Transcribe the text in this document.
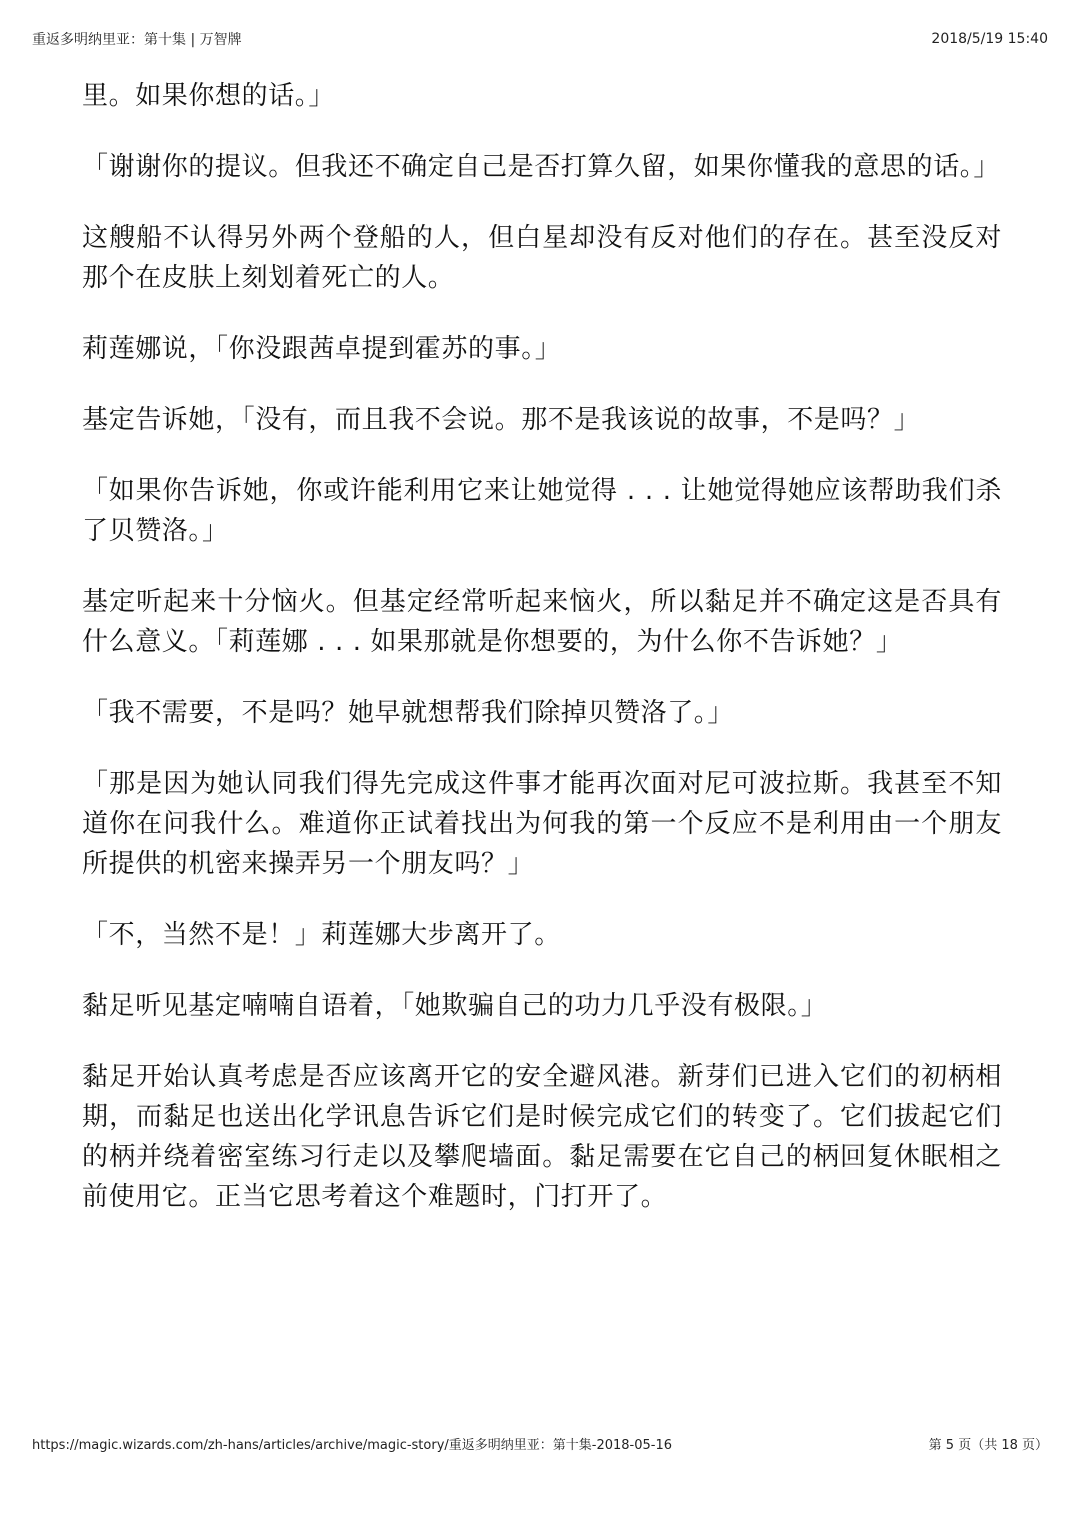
重返多明纳里亚：第十集 | 万智牌	2018/5/19 15:40

里。如果你想的话。」

「谢谢你的提议。但我还不确定自己是否打算久留，如果你懂我的意思的话。」

这艘船不认得另外两个登船的人，但白星却没有反对他们的存在。甚至没反对那个在皮肤上刻划着死亡的人。

莉莲娜说，「你没跟茜卓提到霍苏的事。」

基定告诉她，「没有，而且我不会说。那不是我该说的故事，不是吗？」

「如果你告诉她，你或许能利用它来让她觉得 . . . 让她觉得她应该帮助我们杀了贝赞洛。」

基定听起来十分恼火。但基定经常听起来恼火，所以黏足并不确定这是否具有什么意义。「莉莲娜 . . . 如果那就是你想要的，为什么你不告诉她？」

「我不需要，不是吗？她早就想帮我们除掉贝赞洛了。」

「那是因为她认同我们得先完成这件事才能再次面对尼可波拉斯。我甚至不知道你在问我什么。难道你正试着找出为何我的第一个反应不是利用由一个朋友所提供的机密来操弄另一个朋友吗？」

「不，当然不是！」莉莲娜大步离开了。

黏足听见基定喃喃自语着，「她欺骗自己的功力几乎没有极限。」

黏足开始认真考虑是否应该离开它的安全避风港。新芽们已进入它们的初柄相期，而黏足也送出化学讯息告诉它们是时候完成它们的转变了。它们拔起它们的柄并绕着密室练习行走以及攀爬墙面。黏足需要在它自己的柄回复休眠相之前使用它。正当它思考着这个难题时，门打开了。

https://magic.wizards.com/zh-hans/articles/archive/magic-story/重返多明纳里亚：第十集-2018-05-16	第 5 页（共 18 页）
